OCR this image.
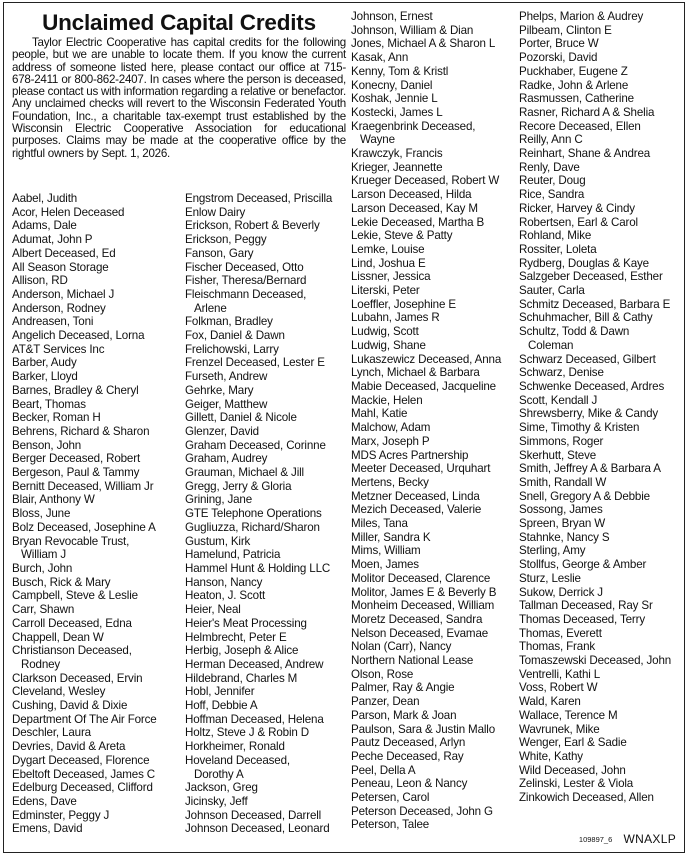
Unclaimed Capital Credits

Taylor Electric Cooperative has capital credits for the following people, but we are unable to locate them. If you know the current address of someone listed here, please contact our office at 715-678-2411 or 800-862-2407. In cases where the person is deceased, please contact us with information regarding a relative or benefactor. Any unclaimed checks will revert to the Wisconsin Federated Youth Foundation, Inc., a charitable tax-exempt trust established by the Wisconsin Electric Cooperative Association for educational purposes. Claims may be made at the cooperative office by the rightful owners by Sept. 1, 2026.

Aabel, Judith
Acor, Helen Deceased
Adams, Dale
Adumat, John P
Albert Deceased, Ed
All Season Storage
Allison, RD
Anderson, Michael J
Anderson, Rodney
Andreasen, Toni
Angelich Deceased, Lorna
AT&T Services Inc
Barber, Audy
Barker, Lloyd
Barnes, Bradley & Cheryl
Beart, Thomas
Becker, Roman H
Behrens, Richard & Sharon
Benson, John
Berger Deceased, Robert
Bergeson, Paul & Tammy
Bernitt Deceased, William Jr
Blair, Anthony W
Bloss, June
Bolz Deceased, Josephine A
Bryan Revocable Trust,
William J
Burch, John
Busch, Rick & Mary
Campbell, Steve & Leslie
Carr, Shawn
Carroll Deceased, Edna
Chappell, Dean W
Christianson Deceased,
Rodney
Clarkson Deceased, Ervin
Cleveland, Wesley
Cushing, David & Dixie
Department Of The Air Force
Deschler, Laura
Devries, David & Areta
Dygart Deceased, Florence
Ebeltoft Deceased, James C
Edelburg Deceased, Clifford
Edens, Dave
Edminster, Peggy J
Emens, David
Engstrom Deceased, Priscilla
Enlow Dairy
Erickson, Robert & Beverly
Erickson, Peggy
Fanson, Gary
Fischer Deceased, Otto
Fisher, Theresa/Bernard
Fleischmann Deceased,
Arlene
Folkman, Bradley
Fox, Daniel & Dawn
Frelichowski, Larry
Frenzel Deceased, Lester E
Furseth, Andrew
Gehrke, Mary
Geiger, Matthew
Gillett, Daniel & Nicole
Glenzer, David
Graham Deceased, Corinne
Graham, Audrey
Grauman, Michael & Jill
Gregg, Jerry & Gloria
Grining, Jane
GTE Telephone Operations
Gugliuzza, Richard/Sharon
Gustum, Kirk
Hamelund, Patricia
Hammel Hunt & Holding LLC
Hanson, Nancy
Heaton, J. Scott
Heier, Neal
Heier's Meat Processing
Helmbrecht, Peter E
Herbig, Joseph & Alice
Herman Deceased, Andrew
Hildebrand, Charles M
Hobl, Jennifer
Hoff, Debbie A
Hoffman Deceased, Helena
Holtz, Steve J & Robin D
Horkheimer, Ronald
Hoveland Deceased,
Dorothy A
Jackson, Greg
Jicinsky, Jeff
Johnson Deceased, Darrell
Johnson Deceased, Leonard
Johnson, Ernest
Johnson, William & Dian
Jones, Michael A & Sharon L
Kasak, Ann
Kenny, Tom & Kristl
Konecny, Daniel
Koshak, Jennie L
Kostecki, James L
Kraegenbrink Deceased,
Wayne
Krawczyk, Francis
Krieger, Jeannette
Krueger Deceased, Robert W
Larson Deceased, Hilda
Larson Deceased, Kay M
Lekie Deceased, Martha B
Lekie, Steve & Patty
Lemke, Louise
Lind, Joshua E
Lissner, Jessica
Literski, Peter
Loeffler, Josephine E
Lubahn, James R
Ludwig, Scott
Ludwig, Shane
Lukaszewicz Deceased, Anna
Lynch, Michael & Barbara
Mabie Deceased, Jacqueline
Mackie, Helen
Mahl, Katie
Malchow, Adam
Marx, Joseph P
MDS Acres Partnership
Meeter Deceased, Urquhart
Mertens, Becky
Metzner Deceased, Linda
Mezich Deceased, Valerie
Miles, Tana
Miller, Sandra K
Mims, William
Moen, James
Molitor Deceased, Clarence
Molitor, James E & Beverly B
Monheim Deceased, William
Moretz Deceased, Sandra
Nelson Deceased, Evamae
Nolan (Carr), Nancy
Northern National Lease
Olson, Rose
Palmer, Ray & Angie
Panzer, Dean
Parson, Mark & Joan
Paulson, Sara & Justin Mallo
Pautz Deceased, Arlyn
Peche Deceased, Ray
Peel, Della A
Peneau, Leon & Nancy
Petersen, Carol
Peterson Deceased, John G
Peterson, Talee
Phelps, Marion & Audrey
Pilbeam, Clinton E
Porter, Bruce W
Pozorski, David
Puckhaber, Eugene Z
Radke, John & Arlene
Rasmussen, Catherine
Rasner, Richard A & Shelia
Recore Deceased, Ellen
Reilly, Ann C
Reinhart, Shane & Andrea
Renly, Dave
Reuter, Doug
Rice, Sandra
Ricker, Harvey & Cindy
Robertsen, Earl & Carol
Rohland, Mike
Rossiter, Loleta
Rydberg, Douglas & Kaye
Salzgeber Deceased, Esther
Sauter, Carla
Schmitz Deceased, Barbara E
Schuhmacher, Bill & Cathy
Schultz, Todd & Dawn
Coleman
Schwarz Deceased, Gilbert
Schwarz, Denise
Schwenke Deceased, Ardres
Scott, Kendall J
Shrewsberry, Mike & Candy
Sime, Timothy & Kristen
Simmons, Roger
Skerhutt, Steve
Smith, Jeffrey A & Barbara A
Smith, Randall W
Snell, Gregory A & Debbie
Sossong, James
Spreen, Bryan W
Stahnke, Nancy S
Sterling, Amy
Stollfus, George & Amber
Sturz, Leslie
Sukow, Derrick J
Tallman Deceased, Ray Sr
Thomas Deceased, Terry
Thomas, Everett
Thomas, Frank
Tomaszewski Deceased, John
Ventrelli, Kathi L
Voss, Robert W
Wald, Karen
Wallace, Terence M
Wavrunek, Mike
Wenger, Earl & Sadie
White, Kathy
Wild Deceased, John
Zelinski, Lester & Viola
Zinkowich Deceased, Allen
109897_6 WNAXLP
